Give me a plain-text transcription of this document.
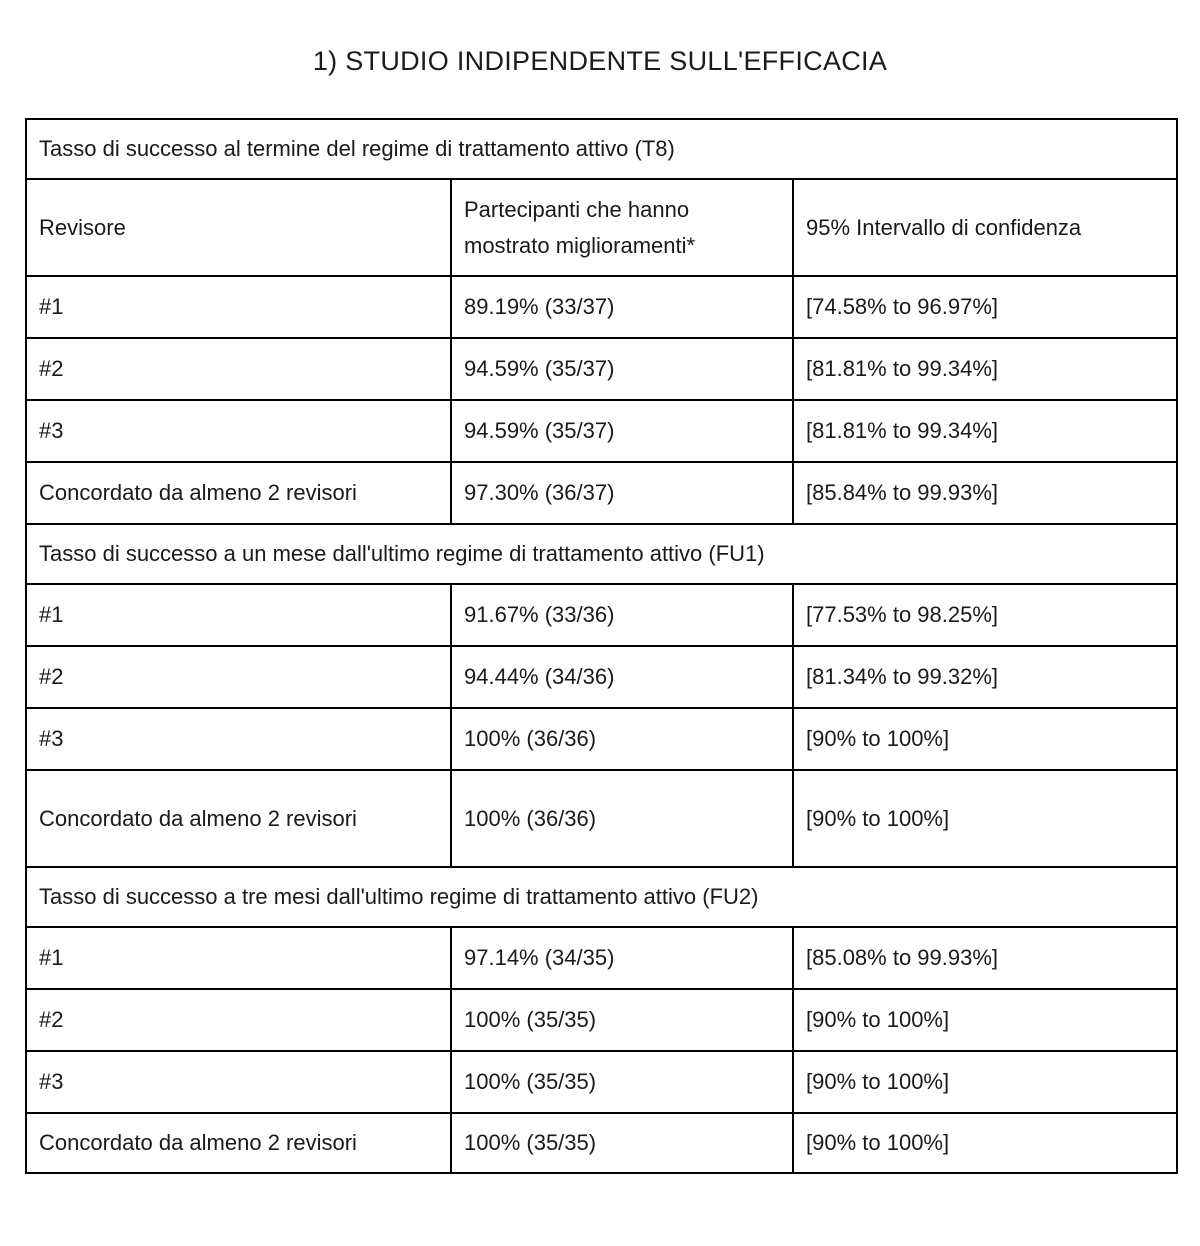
1) STUDIO INDIPENDENTE SULL'EFFICACIA
Tasso di successo al termine del regime di trattamento attivo (T8)		
Revisore	Partecipanti che hanno mostrato miglioramenti*	95% Intervallo di confidenza
#1	89.19% (33/37)	[74.58% to 96.97%]
#2	94.59% (35/37)	[81.81% to 99.34%]
#3	94.59% (35/37)	[81.81% to 99.34%]
Concordato da almeno 2 revisori	97.30% (36/37)	[85.84% to 99.93%]
Tasso di successo a un mese dall'ultimo regime di trattamento attivo (FU1)		
#1	91.67% (33/36)	[77.53% to 98.25%]
#2	94.44% (34/36)	[81.34% to 99.32%]
#3	100% (36/36)	[90% to 100%]
Concordato da almeno 2 revisori	100% (36/36)	[90% to 100%]
Tasso di successo a tre mesi dall'ultimo regime di trattamento attivo (FU2)		
#1	97.14% (34/35)	[85.08% to 99.93%]
#2	100% (35/35)	[90% to 100%]
#3	100% (35/35)	[90% to 100%]
Concordato da almeno 2 revisori	100% (35/35)	[90% to 100%]
